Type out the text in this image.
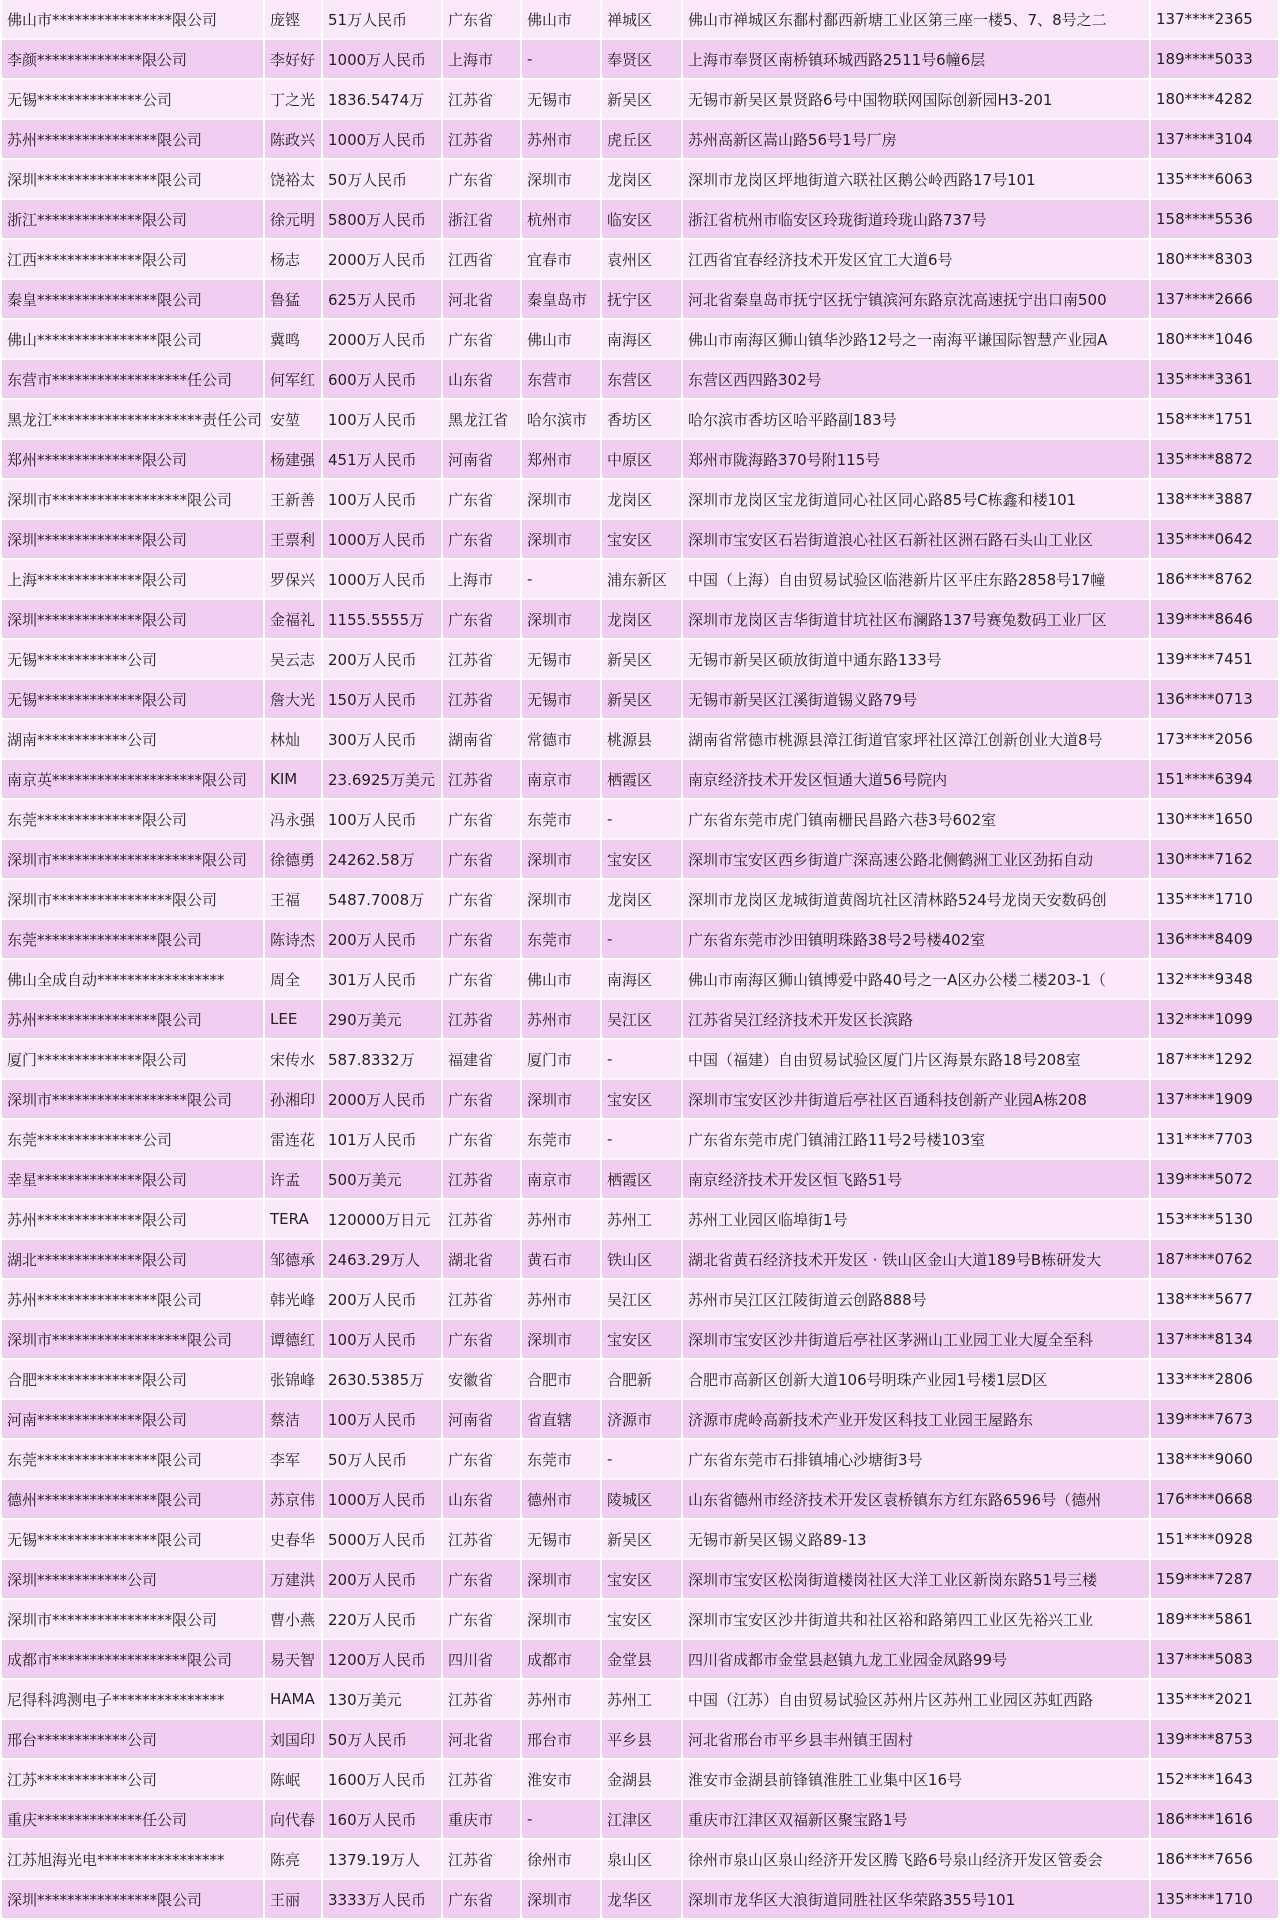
佛山市****************限公司	庞铿	51万人民币	广东省	佛山市	禅城区	佛山市禅城区东鄱村鄱西新塘工业区第三座一楼5、7、8号之二	137****2365
李颜**************限公司	李好好	1000万人民币	上海市	-	奉贤区	上海市奉贤区南桥镇环城西路2511号6幢6层	189****5033
无锡**************公司	丁之光	1836.5474万	江苏省	无锡市	新吴区	无锡市新吴区景贤路6号中国物联网国际创新园H3-201	180****4282
苏州****************限公司	陈政兴	1000万人民币	江苏省	苏州市	虎丘区	苏州高新区嵩山路56号1号厂房	137****3104
深圳****************限公司	饶裕太	50万人民币	广东省	深圳市	龙岗区	深圳市龙岗区坪地街道六联社区鹅公岭西路17号101	135****6063
浙江**************限公司	徐元明	5800万人民币	浙江省	杭州市	临安区	浙江省杭州市临安区玲珑街道玲珑山路737号	158****5536
江西**************限公司	杨志	2000万人民币	江西省	宜春市	袁州区	江西省宜春经济技术开发区宜工大道6号	180****8303
秦皇****************限公司	鲁猛	625万人民币	河北省	秦皇岛市	抚宁区	河北省秦皇岛市抚宁区抚宁镇滨河东路京沈高速抚宁出口南500	137****2666
佛山****************限公司	冀鸣	2000万人民币	广东省	佛山市	南海区	佛山市南海区狮山镇华沙路12号之一南海平谦国际智慧产业园A	180****1046
东营市******************任公司	何军红	600万人民币	山东省	东营市	东营区	东营区西四路302号	135****3361
黑龙江********************责任公司	安堃	100万人民币	黑龙江省	哈尔滨市	香坊区	哈尔滨市香坊区哈平路副183号	158****1751
郑州**************限公司	杨建强	451万人民币	河南省	郑州市	中原区	郑州市陇海路370号附115号	135****8872
深圳市******************限公司	王新善	100万人民币	广东省	深圳市	龙岗区	深圳市龙岗区宝龙街道同心社区同心路85号C栋鑫和楼101	138****3887
深圳**************限公司	王票利	1000万人民币	广东省	深圳市	宝安区	深圳市宝安区石岩街道浪心社区石新社区洲石路石头山工业区	135****0642
上海**************限公司	罗保兴	1000万人民币	上海市	-	浦东新区	中国（上海）自由贸易试验区临港新片区平庄东路2858号17幢	186****8762
深圳**************限公司	金福礼	1155.5555万	广东省	深圳市	龙岗区	深圳市龙岗区吉华街道甘坑社区布澜路137号赛兔数码工业厂区	139****8646
无锡************公司	吴云志	200万人民币	江苏省	无锡市	新吴区	无锡市新吴区硕放街道中通东路133号	139****7451
无锡**************限公司	詹大光	150万人民币	江苏省	无锡市	新吴区	无锡市新吴区江溪街道锡义路79号	136****0713
湖南************公司	林灿	300万人民币	湖南省	常德市	桃源县	湖南省常德市桃源县漳江街道官家坪社区漳江创新创业大道8号	173****2056
南京英********************限公司	KIM	23.6925万美元	江苏省	南京市	栖霞区	南京经济技术开发区恒通大道56号院内	151****6394
东莞**************限公司	冯永强	100万人民币	广东省	东莞市	-	广东省东莞市虎门镇南栅民昌路六巷3号602室	130****1650
深圳市********************限公司	徐德勇	24262.58万	广东省	深圳市	宝安区	深圳市宝安区西乡街道广深高速公路北侧鹤洲工业区劲拓自动	130****7162
深圳市****************限公司	王福	5487.7008万	广东省	深圳市	龙岗区	深圳市龙岗区龙城街道黄阁坑社区清林路524号龙岗天安数码创	135****1710
东莞****************限公司	陈诗杰	200万人民币	广东省	东莞市	-	广东省东莞市沙田镇明珠路38号2号楼402室	136****8409
佛山全成自动*****************	周全	301万人民币	广东省	佛山市	南海区	佛山市南海区狮山镇博爱中路40号之一A区办公楼二楼203-1（	132****9348
苏州****************限公司	LEE	290万美元	江苏省	苏州市	吴江区	江苏省吴江经济技术开发区长滨路	132****1099
厦门**************限公司	宋传水	587.8332万	福建省	厦门市	-	中国（福建）自由贸易试验区厦门片区海景东路18号208室	187****1292
深圳市******************限公司	孙湘印	2000万人民币	广东省	深圳市	宝安区	深圳市宝安区沙井街道后亭社区百通科技创新产业园A栋208	137****1909
东莞**************公司	雷连花	101万人民币	广东省	东莞市	-	广东省东莞市虎门镇浦江路11号2号楼103室	131****7703
幸星**************限公司	许孟	500万美元	江苏省	南京市	栖霞区	南京经济技术开发区恒飞路51号	139****5072
苏州**************限公司	TERA	120000万日元	江苏省	苏州市	苏州工	苏州工业园区临埠街1号	153****5130
湖北**************限公司	邹德承	2463.29万人	湖北省	黄石市	铁山区	湖北省黄石经济技术开发区 · 铁山区金山大道189号B栋研发大	187****0762
苏州****************限公司	韩光峰	200万人民币	江苏省	苏州市	吴江区	苏州市吴江区江陵街道云创路888号	138****5677
深圳市******************限公司	谭德红	100万人民币	广东省	深圳市	宝安区	深圳市宝安区沙井街道后亭社区茅洲山工业园工业大厦全至科	137****8134
合肥**************限公司	张锦峰	2630.5385万	安徽省	合肥市	合肥新	合肥市高新区创新大道106号明珠产业园1号楼1层D区	133****2806
河南**************限公司	蔡洁	100万人民币	河南省	省直辖	济源市	济源市虎岭高新技术产业开发区科技工业园王屋路东	139****7673
东莞****************限公司	李军	50万人民币	广东省	东莞市	-	广东省东莞市石排镇埔心沙塘街3号	138****9060
德州****************限公司	苏京伟	1000万人民币	山东省	德州市	陵城区	山东省德州市经济技术开发区袁桥镇东方红东路6596号（德州	176****0668
无锡****************限公司	史春华	5000万人民币	江苏省	无锡市	新吴区	无锡市新吴区锡义路89-13	151****0928
深圳************公司	万建洪	200万人民币	广东省	深圳市	宝安区	深圳市宝安区松岗街道楼岗社区大洋工业区新岗东路51号三楼	159****7287
深圳市****************限公司	曹小燕	220万人民币	广东省	深圳市	宝安区	深圳市宝安区沙井街道共和社区裕和路第四工业区先裕兴工业	189****5861
成都市******************限公司	易天智	1200万人民币	四川省	成都市	金堂县	四川省成都市金堂县赵镇九龙工业园金凤路99号	137****5083
尼得科鸿测电子***************	HAMA	130万美元	江苏省	苏州市	苏州工	中国（江苏）自由贸易试验区苏州片区苏州工业园区苏虹西路	135****2021
邢台************公司	刘国印	50万人民币	河北省	邢台市	平乡县	河北省邢台市平乡县丰州镇王固村	139****8753
江苏************公司	陈岷	1600万人民币	江苏省	淮安市	金湖县	淮安市金湖县前锋镇淮胜工业集中区16号	152****1643
重庆**************任公司	向代春	160万人民币	重庆市	-	江津区	重庆市江津区双福新区聚宝路1号	186****1616
江苏旭海光电*****************	陈亮	1379.19万人	江苏省	徐州市	泉山区	徐州市泉山区泉山经济开发区腾飞路6号泉山经济开发区管委会	186****7656
深圳****************限公司	王丽	3333万人民币	广东省	深圳市	龙华区	深圳市龙华区大浪街道同胜社区华荣路355号101	135****1710
